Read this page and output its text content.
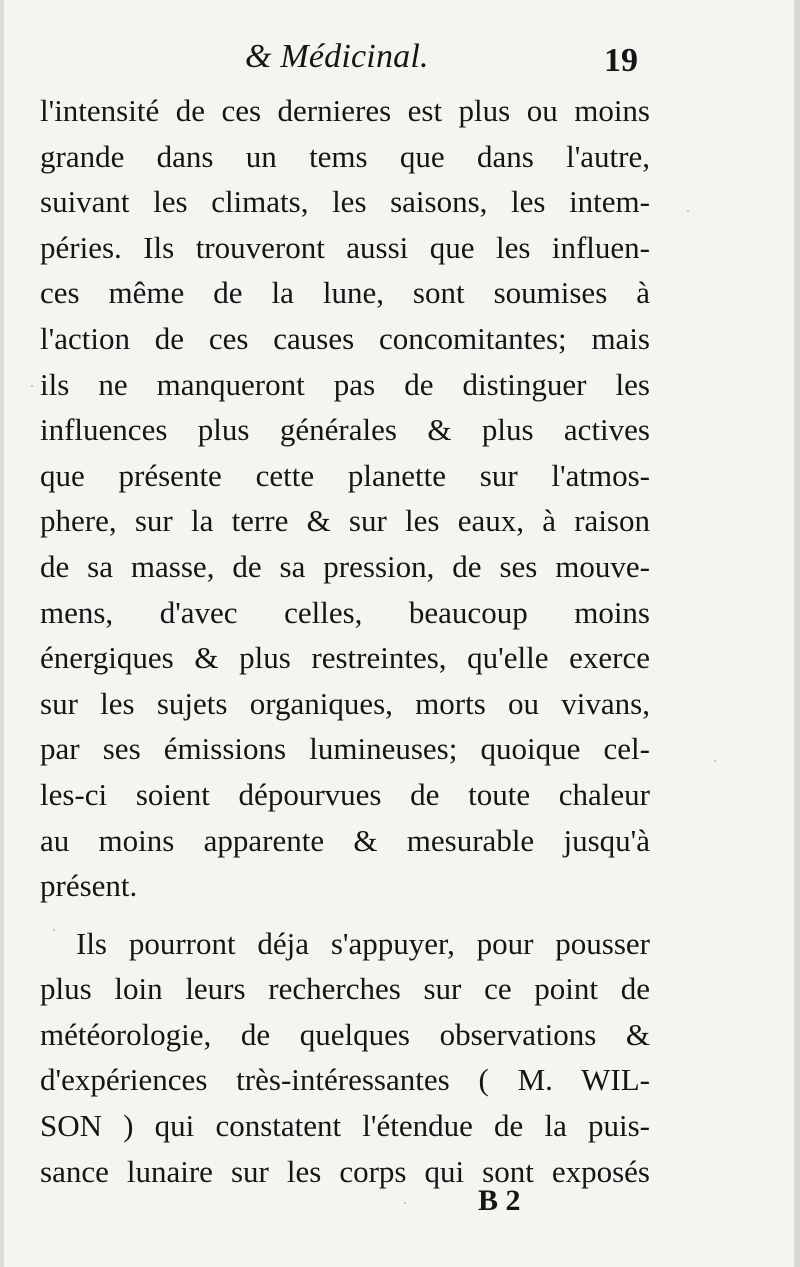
& Médicinal.	19
l'intensité de ces dernieres est plus ou moins
grande dans un tems que dans l'autre,
suivant les climats, les saisons, les intem-
péries. Ils trouveront aussi que les influen-
ces même de la lune, sont soumises à
l'action de ces causes concomitantes; mais
ils ne manqueront pas de distinguer les
influences plus générales & plus actives
que présente cette planette sur l'atmos-
phere, sur la terre & sur les eaux, à raison
de sa masse, de sa pression, de ses mouve-
mens, d'avec celles, beaucoup moins
énergiques & plus restreintes, qu'elle exerce
sur les sujets organiques, morts ou vivans,
par ses émissions lumineuses; quoique cel-
les-ci soient dépourvues de toute chaleur
au moins apparente & mesurable jusqu'à
présent.
Ils pourront déja s'appuyer, pour pousser
plus loin leurs recherches sur ce point de
météorologie, de quelques observations &
d'expériences très-intéressantes ( M. WIL-
SON ) qui constatent l'étendue de la puis-
sance lunaire sur les corps qui sont exposés
B 2
